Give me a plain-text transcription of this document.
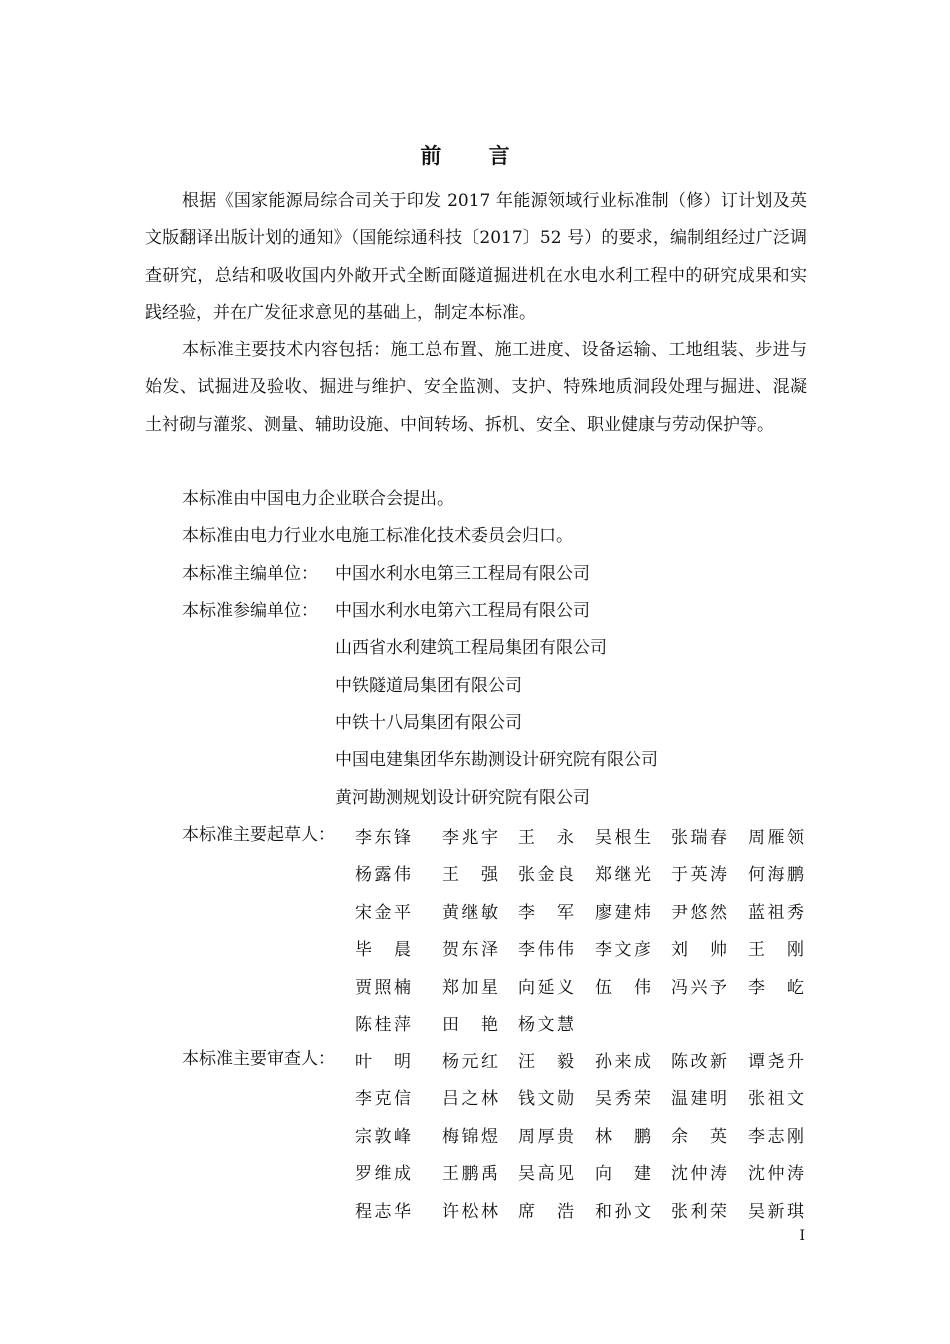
前 言

根据《国家能源局综合司关于印发 2017 年能源领域行业标准制（修）订计划及英文版翻译出版计划的通知》（国能综通科技〔2017〕52 号）的要求，编制组经过广泛调查研究，总结和吸收国内外敞开式全断面隧道掘进机在水电水利工程中的研究成果和实践经验，并在广发征求意见的基础上，制定本标准。

本标准主要技术内容包括：施工总布置、施工进度、设备运输、工地组装、步进与始发、试掘进及验收、掘进与维护、安全监测、支护、特殊地质洞段处理与掘进、混凝土衬砌与灌浆、测量、辅助设施、中间转场、拆机、安全、职业健康与劳动保护等。

本标准由中国电力企业联合会提出。
本标准由电力行业水电施工标准化技术委员会归口。
本标准主编单位： 中国水利水电第三工程局有限公司
本标准参编单位： 中国水利水电第六工程局有限公司
山西省水利建筑工程局集团有限公司
中铁隧道局集团有限公司
中铁十八局集团有限公司
中国电建集团华东勘测设计研究院有限公司
黄河勘测规划设计研究院有限公司
本标准主要起草人： 李东锋 李兆宇 王 永 吴根生 张瑞春 周雁领
杨露伟 王 强 张金良 郑继光 于英涛 何海鹏
宋金平 黄继敏 李 军 廖建炜 尹悠然 蓝祖秀
毕 晨 贺东泽 李伟伟 李文彦 刘 帅 王 刚
贾照楠 郑加星 向延义 伍 伟 冯兴予 李 屹
陈桂萍 田 艳 杨文慧
本标准主要审查人： 叶 明 杨元红 汪 毅 孙来成 陈改新 谭尧升
李克信 吕之林 钱文勋 吴秀荣 温建明 张祖文
宗敦峰 梅锦煜 周厚贵 林 鹏 余 英 李志刚
罗维成 王鹏禹 吴高见 向 建 沈仲涛 沈仲涛
程志华 许松林 席 浩 和孙文 张利荣 吴新琪
I
